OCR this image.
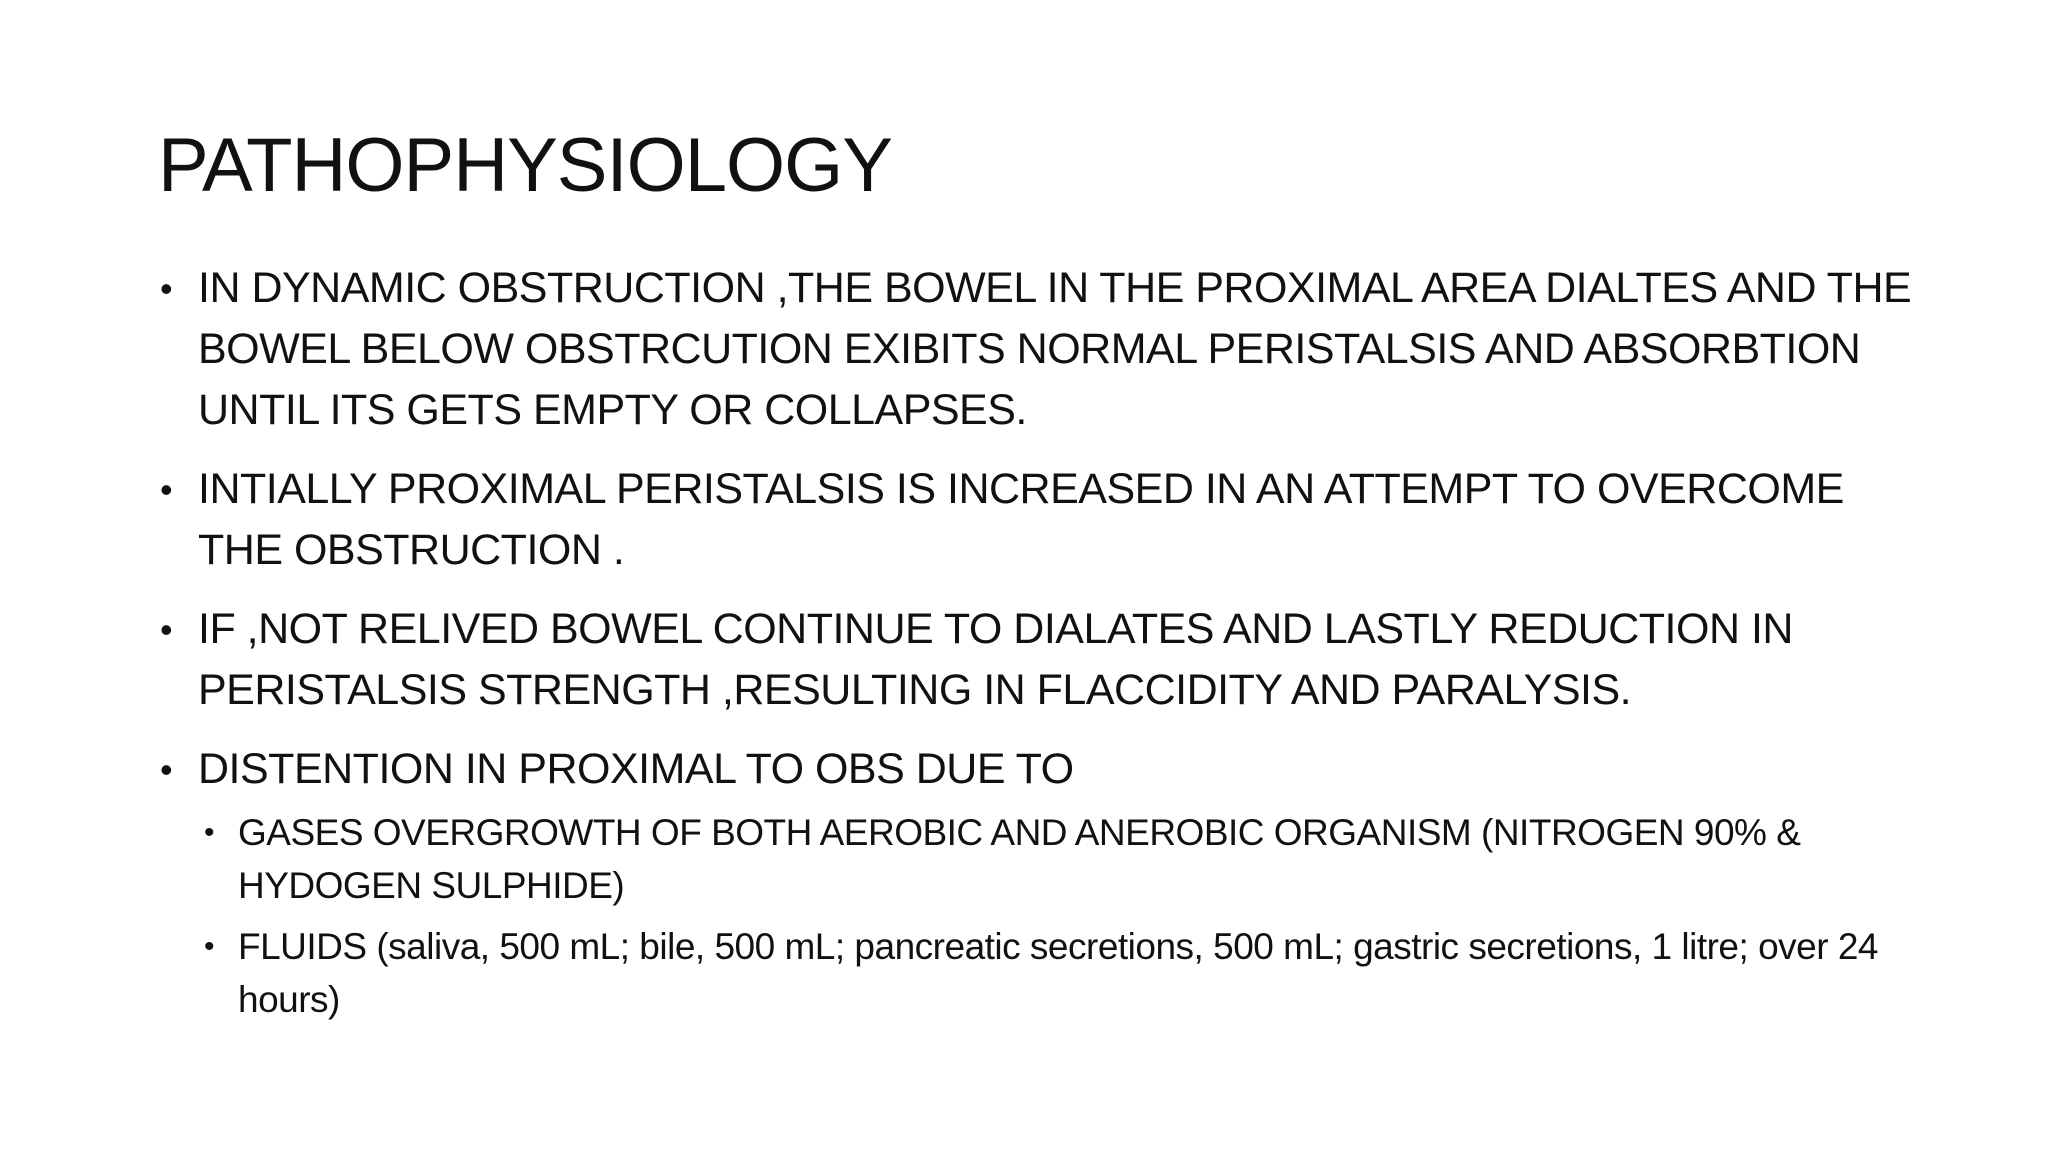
PATHOPHYSIOLOGY
• IN DYNAMIC OBSTRUCTION ,THE BOWEL IN THE PROXIMAL AREA DIALTES AND THE BOWEL BELOW OBSTRCUTION EXIBITS NORMAL PERISTALSIS AND ABSORBTION UNTIL ITS GETS EMPTY OR COLLAPSES.
• INTIALLY PROXIMAL PERISTALSIS IS INCREASED IN AN ATTEMPT TO OVERCOME THE OBSTRUCTION .
• IF ,NOT RELIVED BOWEL CONTINUE TO DIALATES AND LASTLY REDUCTION IN PERISTALSIS STRENGTH ,RESULTING IN FLACCIDITY AND PARALYSIS.
• DISTENTION IN PROXIMAL TO OBS DUE TO
• GASES OVERGROWTH OF BOTH AEROBIC AND ANEROBIC ORGANISM (NITROGEN 90% & HYDOGEN SULPHIDE)
• FLUIDS (saliva, 500 mL; bile, 500 mL; pancreatic secretions, 500 mL; gastric secretions, 1 litre; over 24 hours)
